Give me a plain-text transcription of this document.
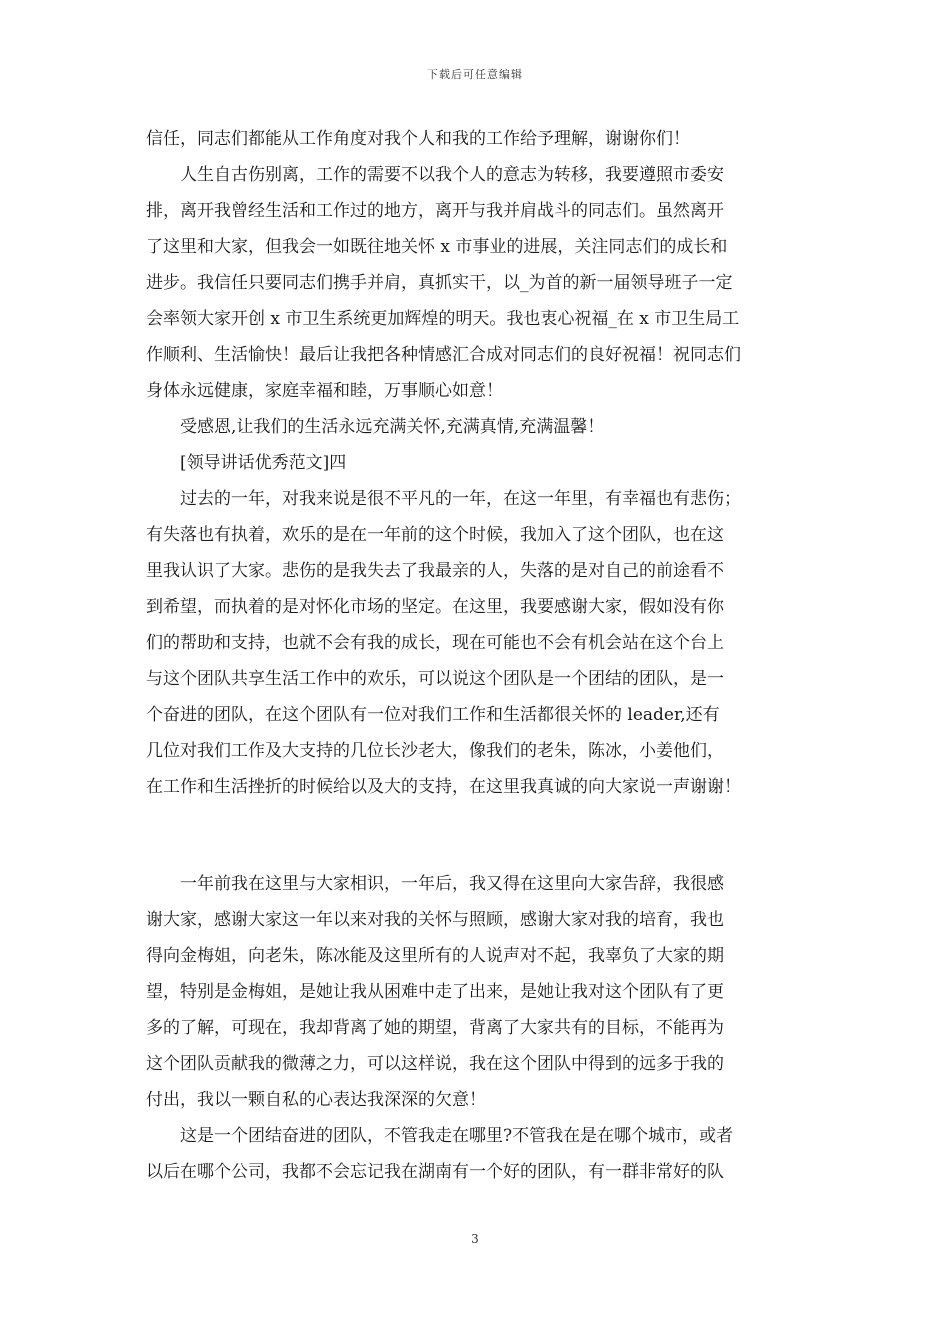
下载后可任意编辑
信任，同志们都能从工作角度对我个人和我的工作给予理解，谢谢你们！
　　人生自古伤别离，工作的需要不以我个人的意志为转移，我要遵照市委安
排，离开我曾经生活和工作过的地方，离开与我并肩战斗的同志们。虽然离开
了这里和大家，但我会一如既往地关怀 x 市事业的进展，关注同志们的成长和
进步。我信任只要同志们携手并肩，真抓实干，以_为首的新一届领导班子一定
会率领大家开创 x 市卫生系统更加辉煌的明天。我也衷心祝福_在 x 市卫生局工
作顺利、生活愉快！最后让我把各种情感汇合成对同志们的良好祝福！祝同志们
身体永远健康，家庭幸福和睦，万事顺心如意！
　　受感恩,让我们的生活永远充满关怀,充满真情,充满温馨！
　　[领导讲话优秀范文]四
　　过去的一年，对我来说是很不平凡的一年，在这一年里，有幸福也有悲伤；
有失落也有执着，欢乐的是在一年前的这个时候，我加入了这个团队，也在这
里我认识了大家。悲伤的是我失去了我最亲的人，失落的是对自己的前途看不
到希望，而执着的是对怀化市场的坚定。在这里，我要感谢大家，假如没有你
们的帮助和支持，也就不会有我的成长，现在可能也不会有机会站在这个台上
与这个团队共享生活工作中的欢乐，可以说这个团队是一个团结的团队，是一
个奋进的团队，在这个团队有一位对我们工作和生活都很关怀的 leader,还有
几位对我们工作及大支持的几位长沙老大，像我们的老朱，陈冰，小姜他们，
在工作和生活挫折的时候给以及大的支持，在这里我真诚的向大家说一声谢谢！
　　一年前我在这里与大家相识，一年后，我又得在这里向大家告辞，我很感
谢大家，感谢大家这一年以来对我的关怀与照顾，感谢大家对我的培育，我也
得向金梅姐，向老朱，陈冰能及这里所有的人说声对不起，我辜负了大家的期
望，特别是金梅姐，是她让我从困难中走了出来，是她让我对这个团队有了更
多的了解，可现在，我却背离了她的期望，背离了大家共有的目标，不能再为
这个团队贡献我的微薄之力，可以这样说，我在这个团队中得到的远多于我的
付出，我以一颗自私的心表达我深深的欠意！
　　这是一个团结奋进的团队，不管我走在哪里?不管我在是在哪个城市，或者
以后在哪个公司，我都不会忘记我在湖南有一个好的团队，有一群非常好的队
3
